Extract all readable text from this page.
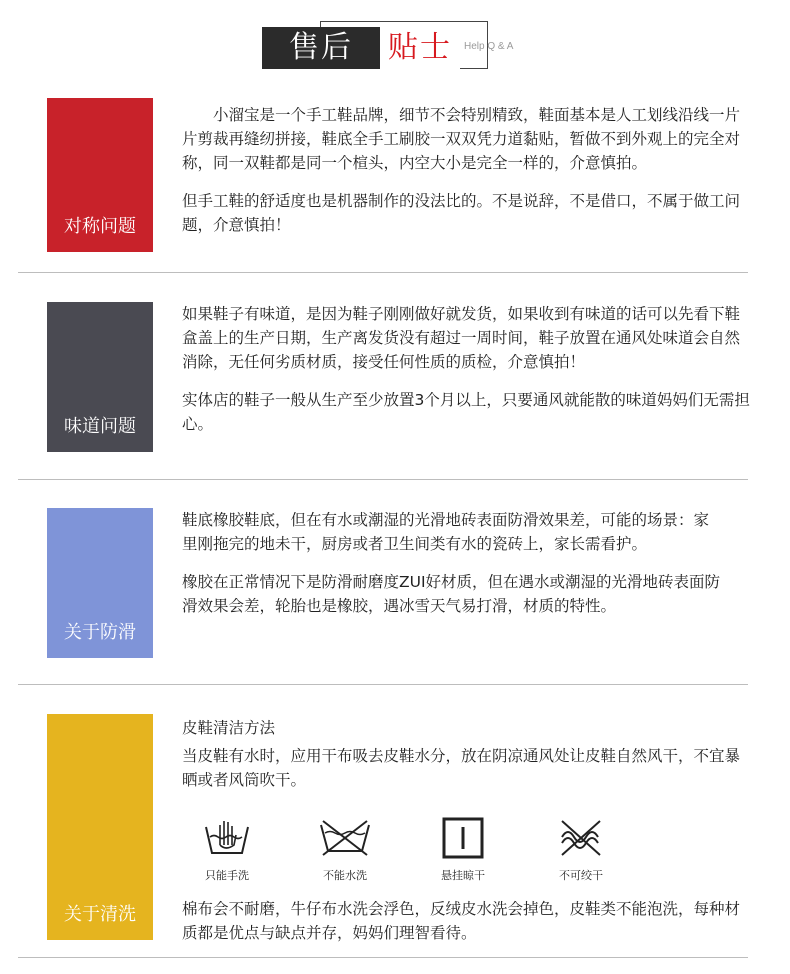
售后	贴士	Help Q & A
对称问题

小溜宝是一个手工鞋品牌，细节不会特别精致，鞋面基本是人工划线沿线一片片剪裁再缝纫拼接，鞋底全手工刷胶一双双凭力道黏贴，暂做不到外观上的完全对称，同一双鞋都是同一个楦头，内空大小是完全一样的，介意慎拍。

但手工鞋的舒适度也是机器制作的没法比的。不是说辞，不是借口，不属于做工问题，介意慎拍！

味道问题

如果鞋子有味道，是因为鞋子刚刚做好就发货，如果收到有味道的话可以先看下鞋盒盖上的生产日期，生产离发货没有超过一周时间，鞋子放置在通风处味道会自然消除，无任何劣质材质，接受任何性质的质检，介意慎拍！

实体店的鞋子一般从生产至少放置3个月以上，只要通风就能散的味道妈妈们无需担心。

关于防滑

鞋底橡胶鞋底，但在有水或潮湿的光滑地砖表面防滑效果差，可能的场景：家里刚拖完的地未干，厨房或者卫生间类有水的瓷砖上，家长需看护。

橡胶在正常情况下是防滑耐磨度ZUI好材质，但在遇水或潮湿的光滑地砖表面防滑效果会差，轮胎也是橡胶，遇冰雪天气易打滑，材质的特性。

关于清洗

皮鞋清洁方法

当皮鞋有水时，应用干布吸去皮鞋水分，放在阴凉通风处让皮鞋自然风干，不宜暴晒或者风筒吹干。

只能手洗	不能水洗	悬挂晾干	不可绞干

棉布会不耐磨，牛仔布水洗会浮色，反绒皮水洗会掉色，皮鞋类不能泡洗，每种材质都是优点与缺点并存，妈妈们理智看待。
